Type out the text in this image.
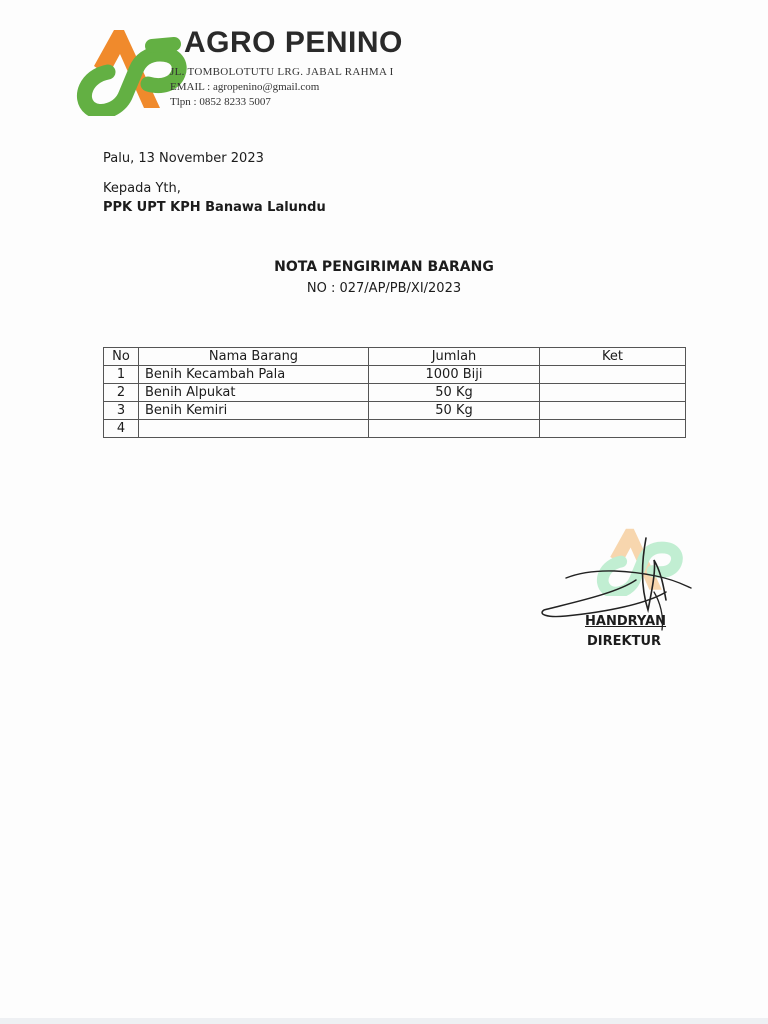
AGRO PENINO
JL. TOMBOLOTUTU LRG. JABAL RAHMA I
EMAIL : agropenino@gmail.com
Tlpn : 0852 8233 5007
Palu, 13 November 2023
Kepada Yth,
PPK UPT KPH Banawa Lalundu
NOTA PENGIRIMAN BARANG
NO : 027/AP/PB/XI/2023
No	Nama Barang	Jumlah	Ket
1	Benih Kecambah Pala	1000 Biji	
2	Benih Alpukat	50 Kg	
3	Benih Kemiri	50 Kg	
4			
HANDRYAN
DIREKTUR
